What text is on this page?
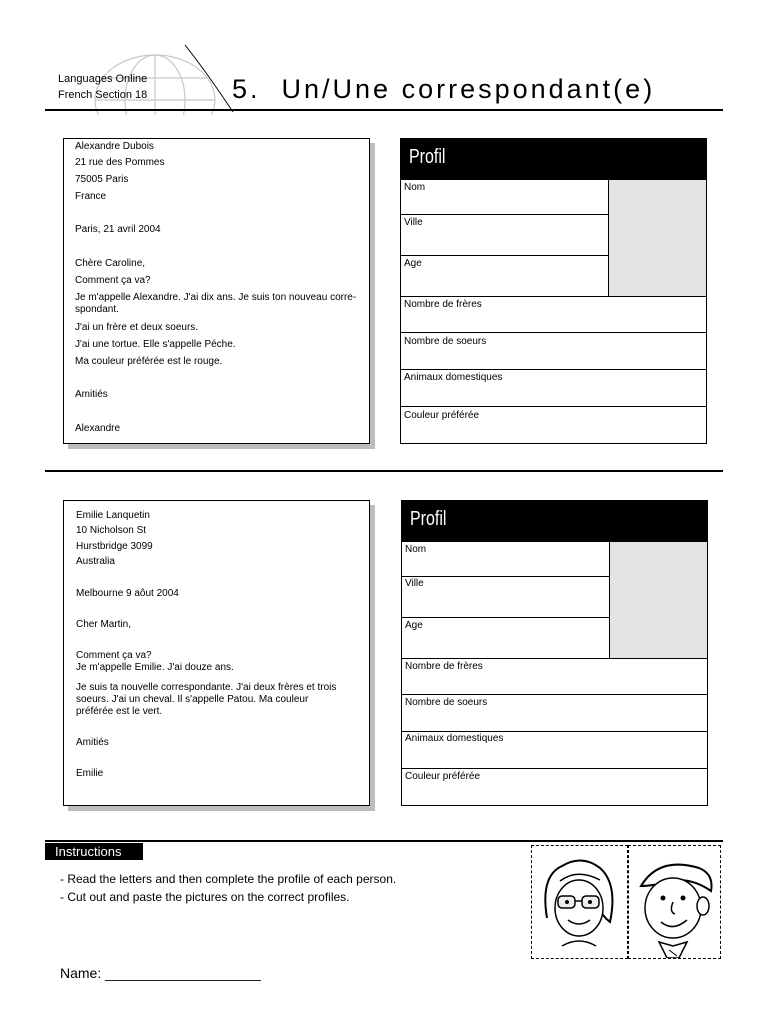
Languages Online
French Section 18	5.  Un/Une correspondant(e)
Alexandre Dubois
21 rue des Pommes
75005 Paris
France
Paris, 21 avril 2004
Chère Caroline,
Comment ça va?
Je m'appelle Alexandre. J'ai dix ans. Je suis ton nouveau corre-
spondant.
J'ai un frère et deux soeurs.
J'ai une tortue. Elle s'appelle Péche.
Ma couleur préférée est le rouge.
Amitiés
Alexandre
Profil
Nom
Ville
Age
Nombre de frères
Nombre de soeurs
Animaux domestiques
Couleur préférée
Emilie Lanquetin
10 Nicholson St
Hurstbridge 3099
Australia
Melbourne 9 aôut 2004
Cher Martin,
Comment ça va?
Je m'appelle Emilie. J'ai douze ans.
Je suis ta nouvelle correspondante. J'ai deux frères et trois
soeurs. J'ai un cheval. Il s'appelle Patou. Ma couleur
préférée est le vert.
Amitiés
Emilie
Profil
Nom
Ville
Age
Nombre de frères
Nombre de soeurs
Animaux domestiques
Couleur préférée
Instructions
- Read the letters and then complete the profile of each person.
- Cut out and paste the pictures on the correct profiles.
Name: ____________________
